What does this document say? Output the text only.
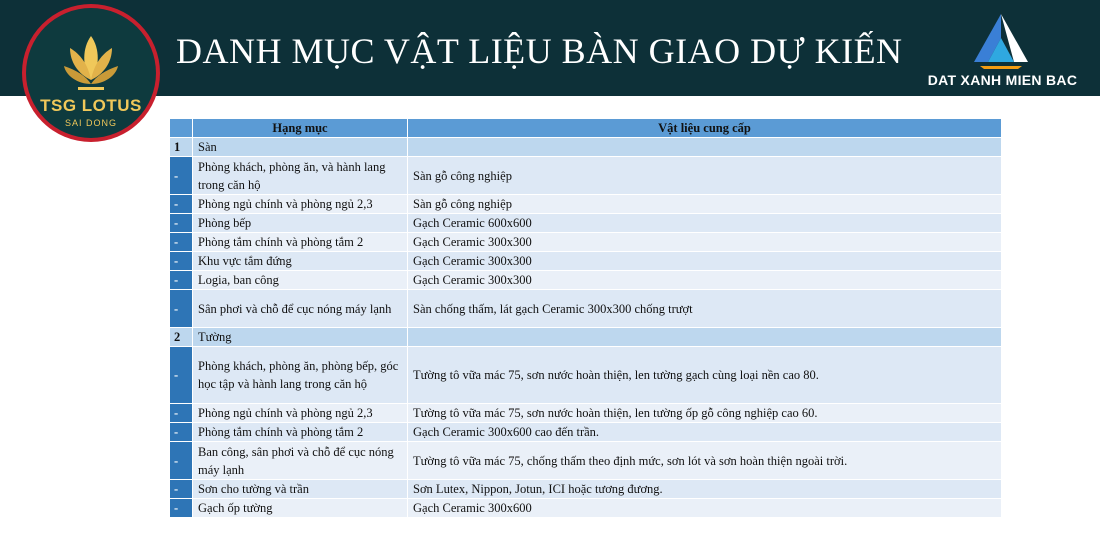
DANH MỤC VẬT LIỆU BÀN GIAO DỰ KIẾN
DAT XANH MIEN BAC
TSG LOTUS
SAI DONG
		Hạng mục	Vật liệu cung cấp
1	Sàn	
-	Phòng khách, phòng ăn, và hành lang trong căn hộ	Sàn gỗ công nghiệp
-	Phòng ngủ chính và phòng ngủ 2,3	Sàn gỗ công nghiệp
-	Phòng bếp	Gạch Ceramic 600x600
-	Phòng tắm chính và phòng tắm 2	Gạch Ceramic 300x300
-	Khu vực tắm đứng	Gạch Ceramic 300x300
-	Logia, ban công	Gạch Ceramic 300x300
-	Sân phơi và chỗ để cục nóng máy lạnh	Sàn chống thấm, lát gạch Ceramic 300x300 chống trượt
2	Tường	
-	Phòng khách, phòng ăn, phòng bếp, góc học tập và hành lang trong căn hộ	Tường tô vữa mác 75, sơn nước hoàn thiện, len tường gạch cùng loại nền cao 80.
-	Phòng ngủ chính và phòng ngủ 2,3	Tường tô vữa mác 75, sơn nước hoàn thiện, len tường ốp gỗ công nghiệp cao 60.
-	Phòng tắm chính và phòng tắm 2	Gạch Ceramic 300x600 cao đến trần.
-	Ban công, sân phơi và chỗ để cục nóng máy lạnh	Tường tô vữa mác 75, chống thấm theo định mức, sơn lót và sơn hoàn thiện ngoài trời.
-	Sơn cho tường và trần	Sơn Lutex, Nippon, Jotun, ICI hoặc tương đương.
-	Gạch ốp tường	Gạch Ceramic 300x600
